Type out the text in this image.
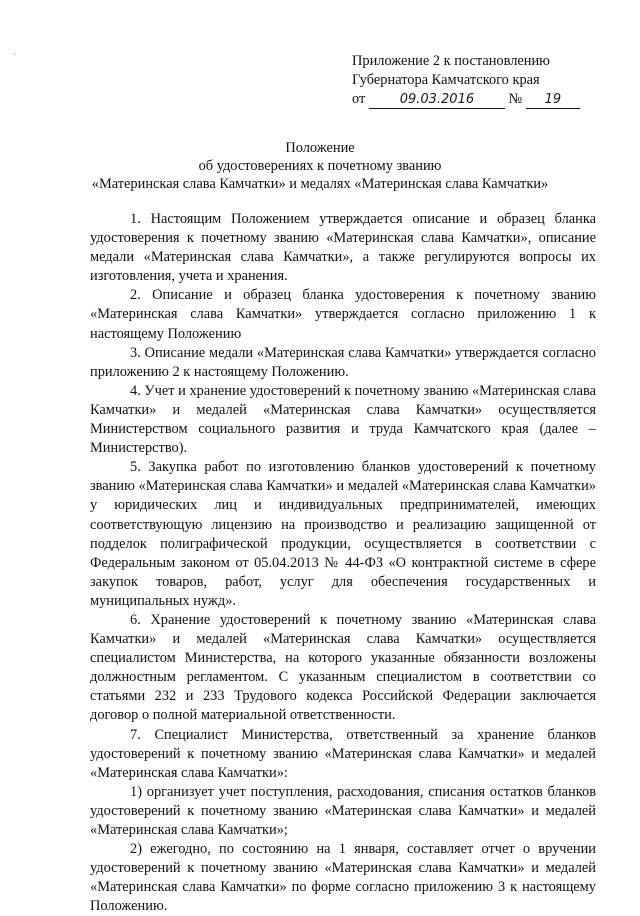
·	Приложение 2 к постановлению
Губернатора Камчатского края
от	09.03.2016 № 19
Положение
об удостоверениях к почетному званию
«Материнская слава Камчатки» и медалях «Материнская слава Камчатки»

1. Настоящим Положением утверждается описание и образец бланка удостоверения к почетному званию «Материнская слава Камчатки», описание медали «Материнская слава Камчатки», а также регулируются вопросы их изготовления, учета и хранения.

2. Описание и образец бланка удостоверения к почетному званию «Материнская слава Камчатки» утверждается согласно приложению 1 к настоящему Положению

3. Описание медали «Материнская слава Камчатки» утверждается согласно приложению 2 к настоящему Положению.

4. Учет и хранение удостоверений к почетному званию «Материнская слава Камчатки» и медалей «Материнская слава Камчатки» осуществляется Министерством социального развития и труда Камчатского края (далее – Министерство).

5. Закупка работ по изготовлению бланков удостоверений к почетному званию «Материнская слава Камчатки» и медалей «Материнская слава Камчатки» у юридических лиц и индивидуальных предпринимателей, имеющих соответствующую лицензию на производство и реализацию защищенной от подделок полиграфической продукции, осуществляется в соответствии с Федеральным законом от 05.04.2013 № 44-ФЗ «О контрактной системе в сфере закупок товаров, работ, услуг для обеспечения государственных и муниципальных нужд».

6. Хранение удостоверений к почетному званию «Материнская слава Камчатки» и медалей «Материнская слава Камчатки» осуществляется специалистом Министерства, на которого указанные обязанности возложены должностным регламентом. С указанным специалистом в соответствии со статьями 232 и 233 Трудового кодекса Российской Федерации заключается договор о полной материальной ответственности.

7. Специалист Министерства, ответственный за хранение бланков удостоверений к почетному званию «Материнская слава Камчатки» и медалей «Материнская слава Камчатки»:

1) организует учет поступления, расходования, списания остатков бланков удостоверений к почетному званию «Материнская слава Камчатки» и медалей «Материнская слава Камчатки»;

2) ежегодно, по состоянию на 1 января, составляет отчет о вручении удостоверений к почетному званию «Материнская слава Камчатки» и медалей «Материнская слава Камчатки» по форме согласно приложению 3 к настоящему Положению.
